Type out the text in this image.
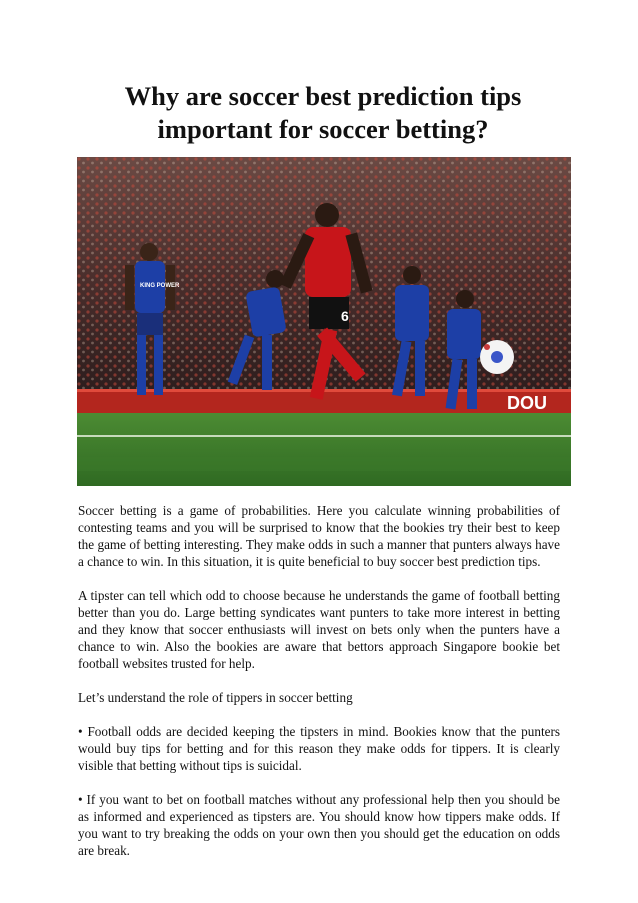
Why are soccer best prediction tips important for soccer betting?
DOU
KING POWER
6

Soccer betting is a game of probabilities. Here you calculate winning probabilities of contesting teams and you will be surprised to know that the bookies try their best to keep the game of betting interesting. They make odds in such a manner that punters always have a chance to win. In this situation, it is quite beneficial to buy soccer best prediction tips.

A tipster can tell which odd to choose because he understands the game of football betting better than you do. Large betting syndicates want punters to take more interest in betting and they know that soccer enthusiasts will invest on bets only when the punters have a chance to win. Also the bookies are aware that bettors approach Singapore bookie bet football websites trusted for help.

Let’s understand the role of tippers in soccer betting

• Football odds are decided keeping the tipsters in mind. Bookies know that the punters would buy tips for betting and for this reason they make odds for tippers. It is clearly visible that betting without tips is suicidal.

• If you want to bet on football matches without any professional help then you should be as informed and experienced as tipsters are. You should know how tippers make odds. If you want to try breaking the odds on your own then you should get the education on odds are break.
